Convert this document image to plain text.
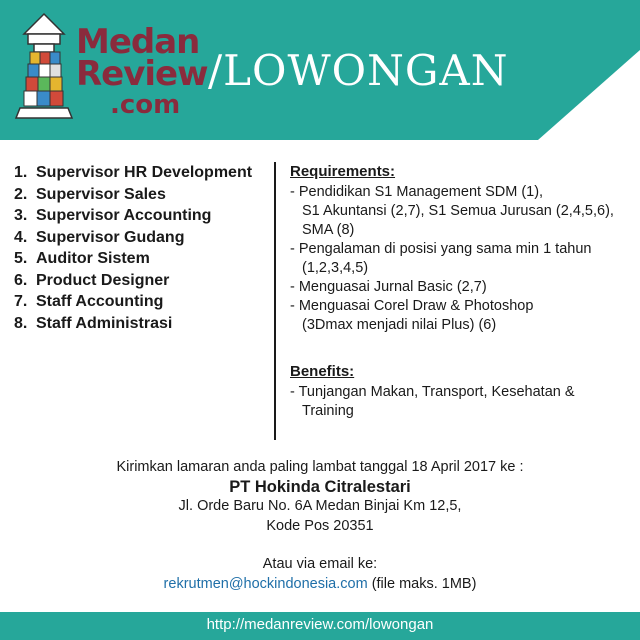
Medan
Review
.com
/LOWONGAN
1. Supervisor HR Development
2. Supervisor Sales
3. Supervisor Accounting
4. Supervisor Gudang
5. Auditor Sistem
6. Product Designer
7. Staff Accounting
8. Staff Administrasi
Requirements:
- Pendidikan S1 Management SDM (1),
S1 Akuntansi (2,7), S1 Semua Jurusan (2,4,5,6),
SMA (8)
- Pengalaman di posisi yang sama min 1 tahun
(1,2,3,4,5)
- Menguasai Jurnal Basic (2,7)
- Menguasai Corel Draw & Photoshop
(3Dmax menjadi nilai Plus) (6)
Benefits:
- Tunjangan Makan, Transport, Kesehatan &
Training
Kirimkan lamaran anda paling lambat tanggal 18 April 2017 ke :
PT Hokinda Citralestari
Jl. Orde Baru No. 6A Medan Binjai Km 12,5,
Kode Pos 20351
Atau via email ke:
rekrutmen@hockindonesia.com (file maks. 1MB)
http://medanreview.com/lowongan
